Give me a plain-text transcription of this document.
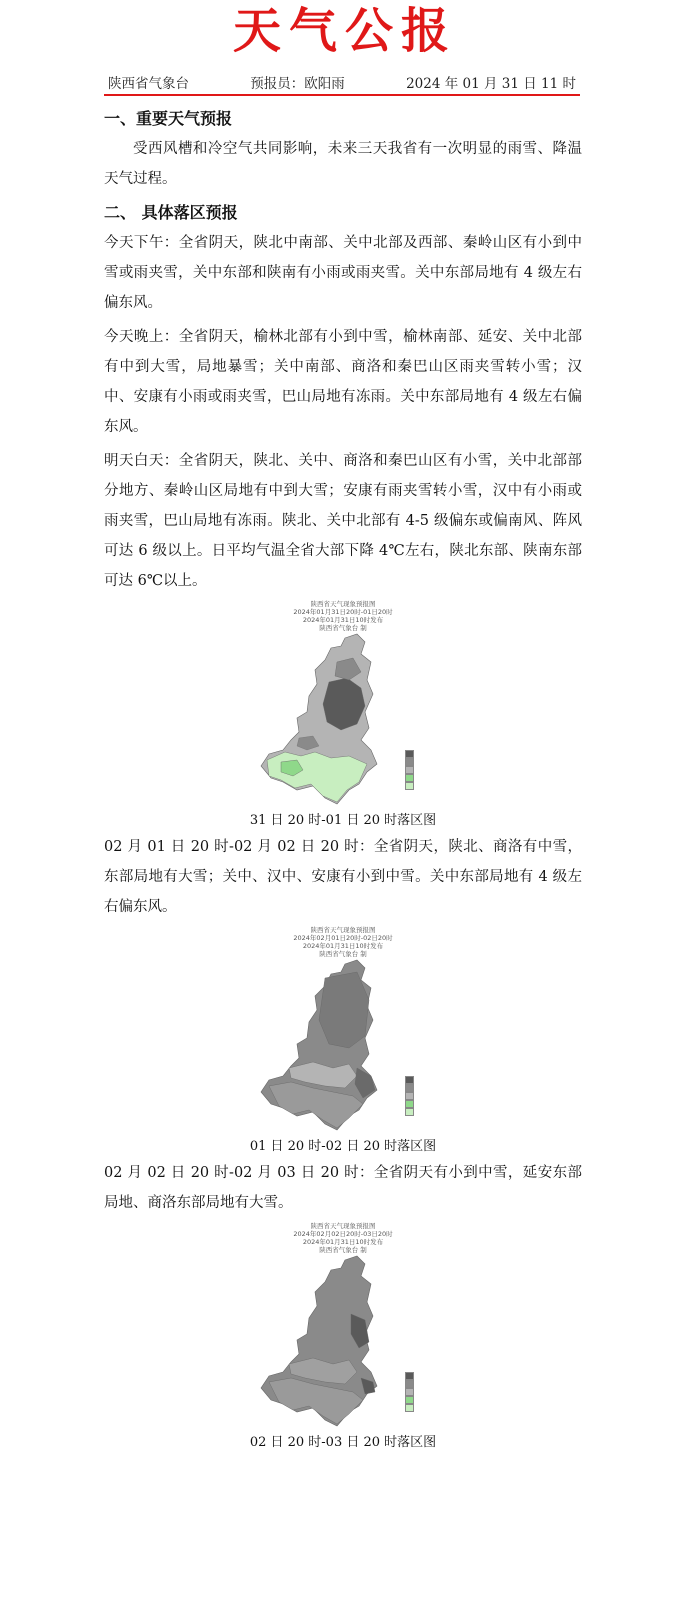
天气公报
陕西省气象台	预报员：欧阳雨	2024 年 01 月 31 日 11 时
一、重要天气预报

受西风槽和冷空气共同影响，未来三天我省有一次明显的雨雪、降温天气过程。

二、 具体落区预报

今天下午：全省阴天，陕北中南部、关中北部及西部、秦岭山区有小到中雪或雨夹雪，关中东部和陕南有小雨或雨夹雪。关中东部局地有 4 级左右偏东风。

今天晚上：全省阴天，榆林北部有小到中雪，榆林南部、延安、关中北部有中到大雪，局地暴雪；关中南部、商洛和秦巴山区雨夹雪转小雪；汉中、安康有小雨或雨夹雪，巴山局地有冻雨。关中东部局地有 4 级左右偏东风。

明天白天：全省阴天，陕北、关中、商洛和秦巴山区有小雪，关中北部部分地方、秦岭山区局地有中到大雪；安康有雨夹雪转小雪，汉中有小雨或雨夹雪，巴山局地有冻雨。陕北、关中北部有 4-5 级偏东或偏南风、阵风可达 6 级以上。日平均气温全省大部下降 4℃左右，陕北东部、陕南东部可达 6℃以上。

陕西省天气现象预报图
2024年01月31日20时-01日20时
2024年01月31日10时发布
陕西省气象台 制
31 日 20 时-01 日 20 时落区图

02 月 01 日 20 时-02 月 02 日 20 时：全省阴天，陕北、商洛有中雪，东部局地有大雪；关中、汉中、安康有小到中雪。关中东部局地有 4 级左右偏东风。

陕西省天气现象预报图
2024年02月01日20时-02日20时
2024年01月31日10时发布
陕西省气象台 制
01 日 20 时-02 日 20 时落区图

02 月 02 日 20 时-02 月 03 日 20 时：全省阴天有小到中雪，延安东部局地、商洛东部局地有大雪。

陕西省天气现象预报图
2024年02月02日20时-03日20时
2024年01月31日10时发布
陕西省气象台 制
02 日 20 时-03 日 20 时落区图
